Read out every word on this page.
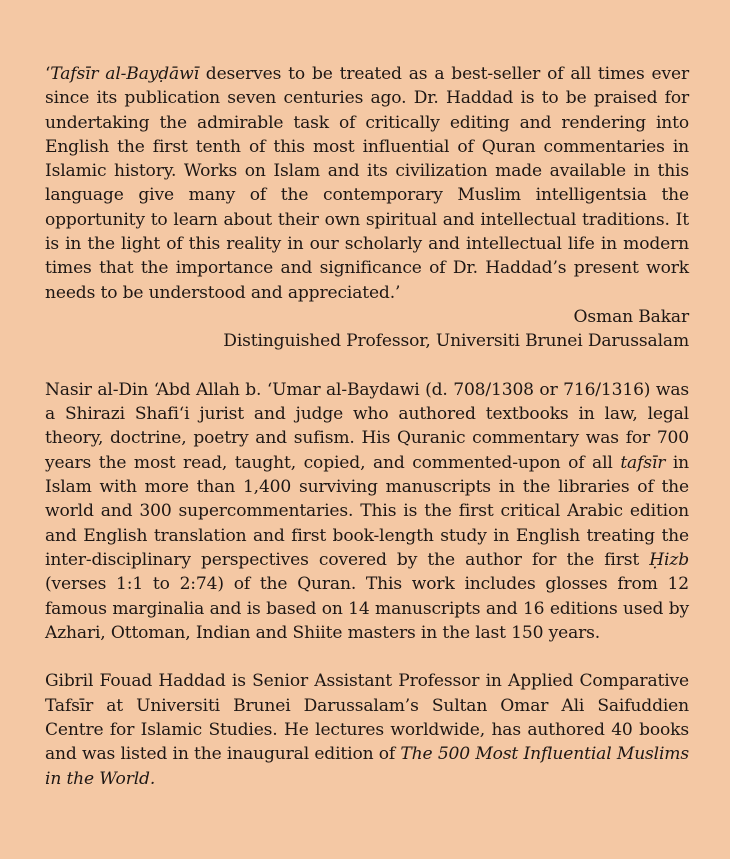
‘Tafsīr al-Bayḍāwī deserves to be treated as a best-seller of all times ever since its publication seven centuries ago. Dr. Haddad is to be praised for undertaking the admirable task of critically editing and rendering into English the first tenth of this most influential of Quran commentaries in Islamic history. Works on Islam and its civilization made available in this language give many of the contemporary Muslim intelligentsia the opportunity to learn about their own spiritual and intellectual traditions. It is in the light of this reality in our scholarly and intellectual life in modern times that the importance and significance of Dr. Haddad’s present work needs to be understood and appreciated.’

Osman Bakar

Distinguished Professor, Universiti Brunei Darussalam

Nasir al-Din ‘Abd Allah b. ‘Umar al-Baydawi (d. 708/1308 or 716/1316) was a Shirazi Shafi‘i jurist and judge who authored textbooks in law, legal theory, doctrine, poetry and sufism. His Quranic commentary was for 700 years the most read, taught, copied, and commented-upon of all tafsīr in Islam with more than 1,400 surviving manuscripts in the libraries of the world and 300 supercommentaries. This is the first critical Arabic edition and English translation and first book-length study in English treating the inter-disciplinary perspectives covered by the author for the first Ḥizb (verses 1:1 to 2:74) of the Quran. This work includes glosses from 12 famous marginalia and is based on 14 manuscripts and 16 editions used by Azhari, Ottoman, Indian and Shiite masters in the last 150 years.

Gibril Fouad Haddad is Senior Assistant Professor in Applied Comparative Tafsīr at Universiti Brunei Darussalam’s Sultan Omar Ali Saifuddien Centre for Islamic Studies. He lectures worldwide, has authored 40 books and was listed in the inaugural edition of The 500 Most Influential Muslims in the World.
